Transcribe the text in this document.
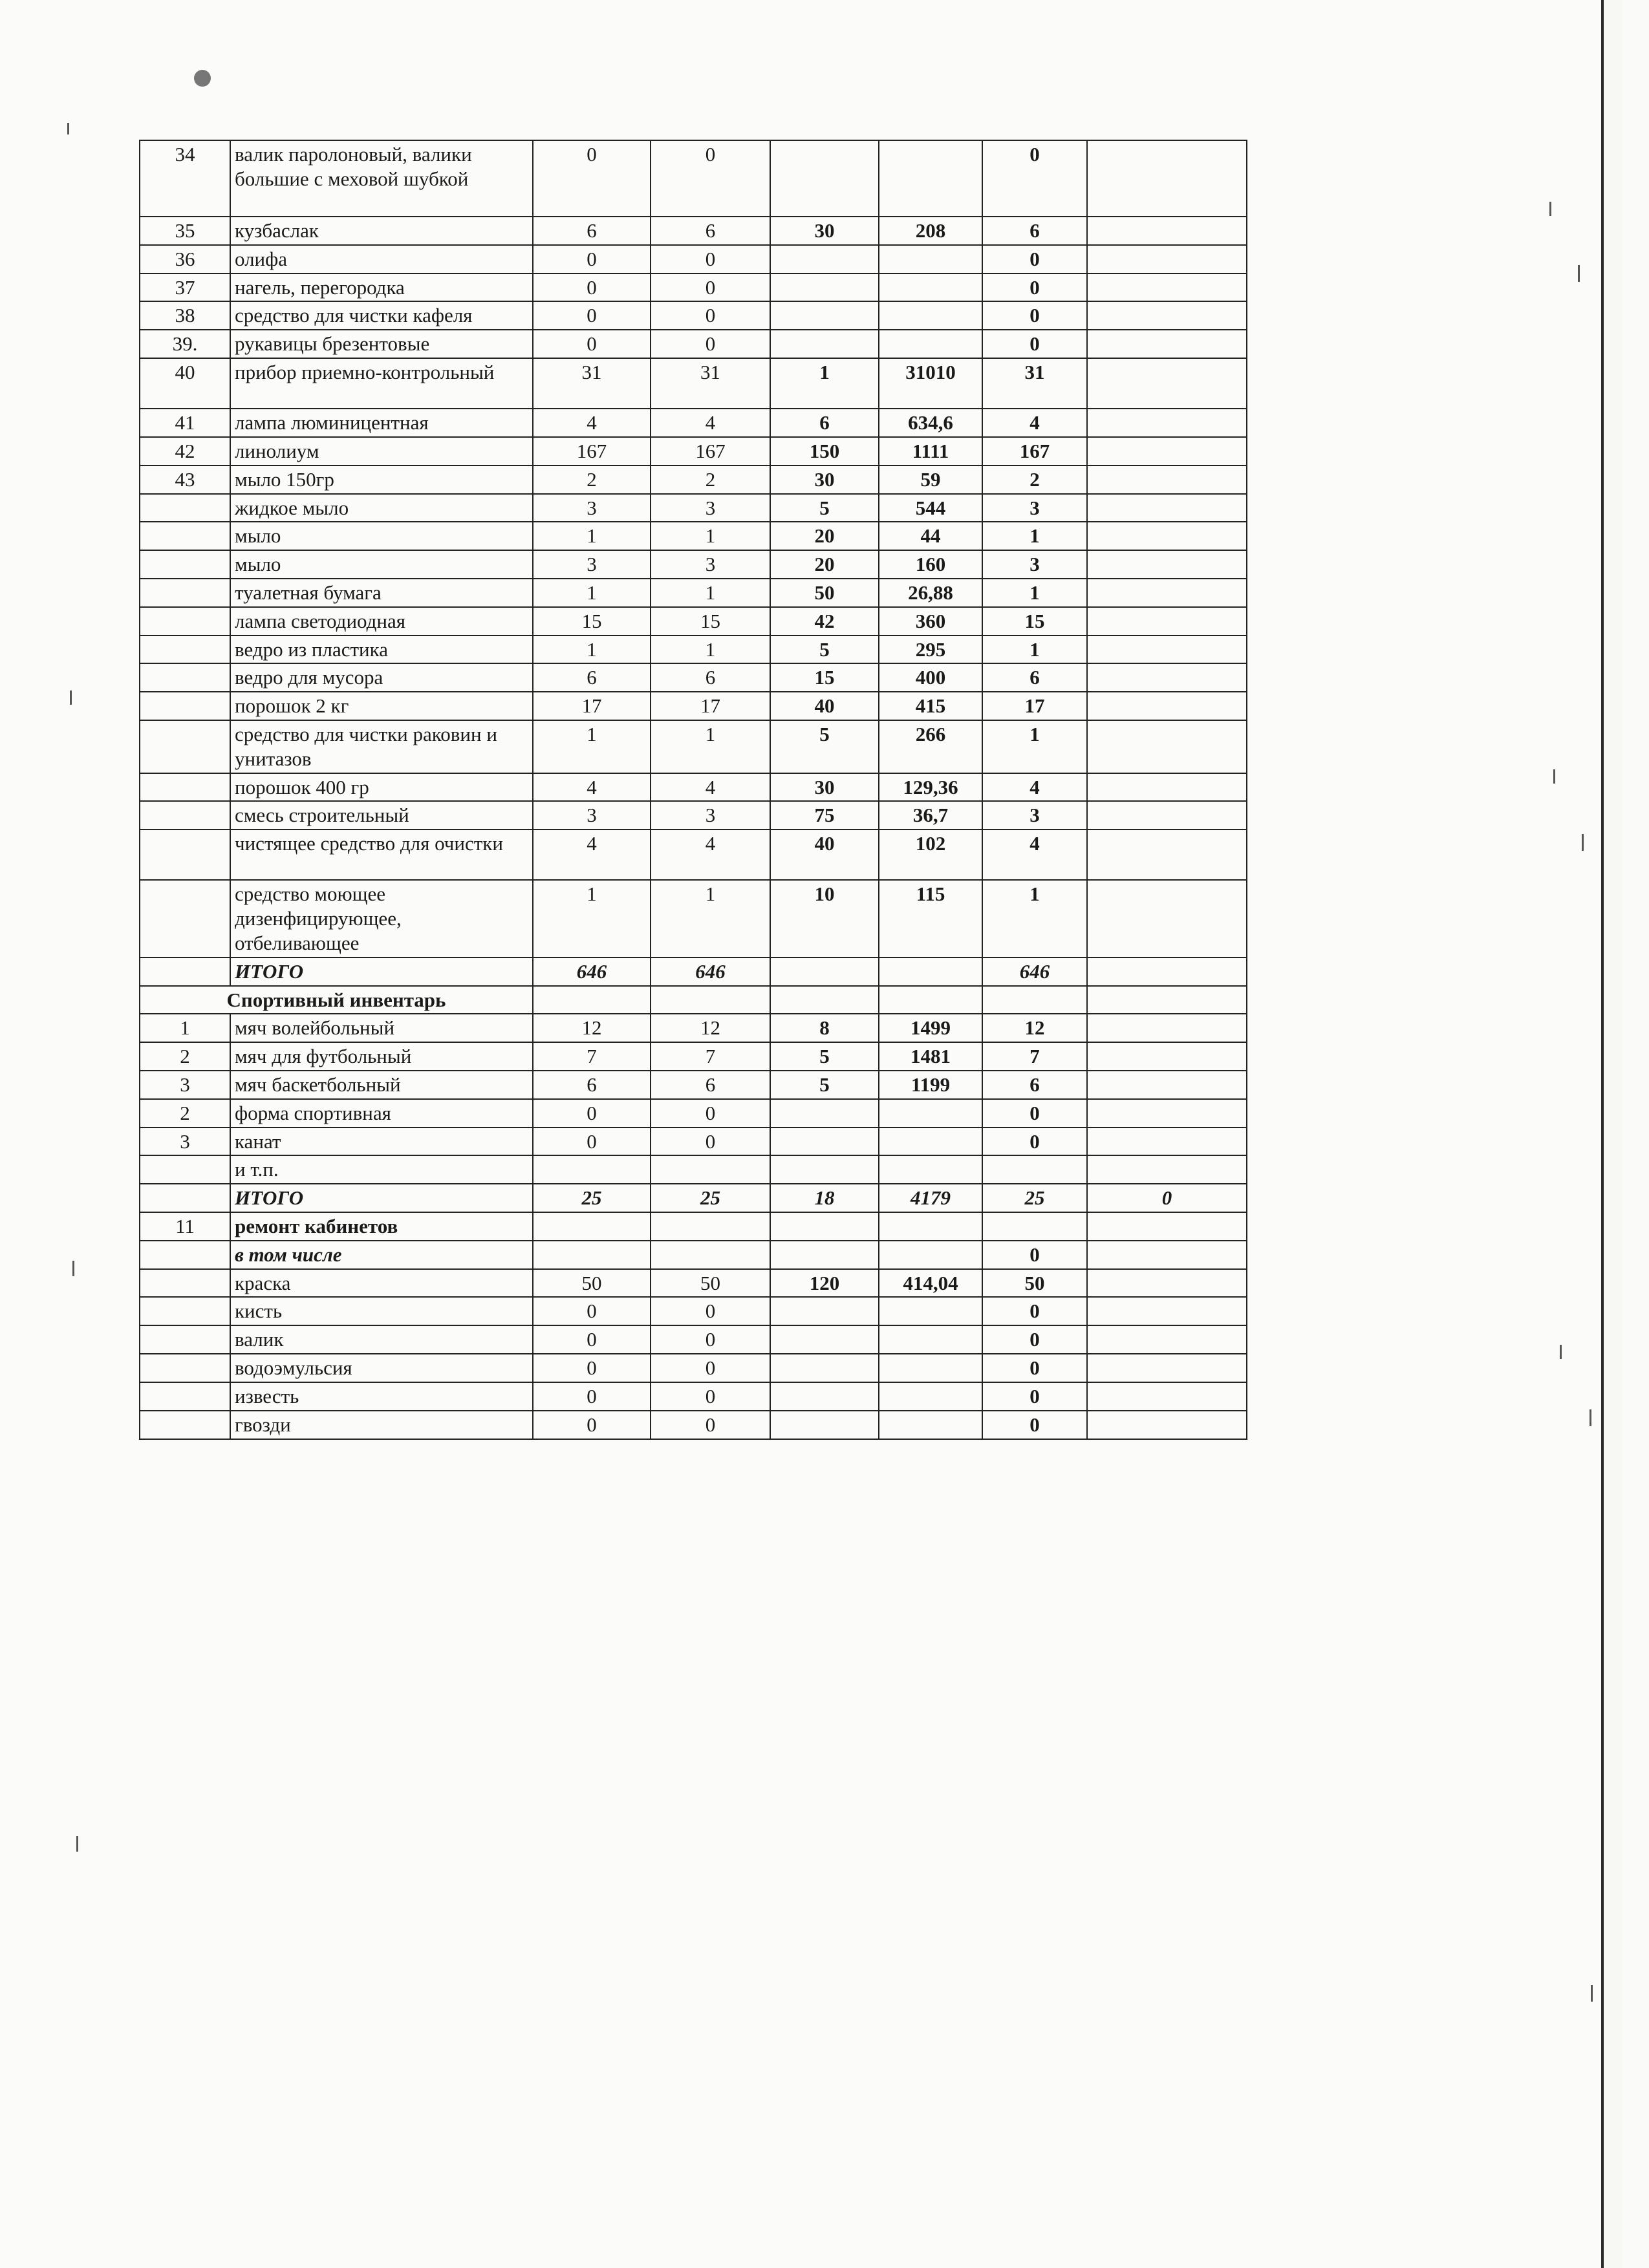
34	валик паролоновый, валики большие с меховой шубкой	0	0			0	
35	кузбаслак	6	6	30	208	6	
36	олифа	0	0			0	
37	нагель, перегородка	0	0			0	
38	средство для чистки кафеля	0	0			0	
39.	рукавицы брезентовые	0	0			0	
40	прибор приемно-контрольный	31	31	1	31010	31	
41	лампа люминицентная	4	4	6	634,6	4	
42	линолиум	167	167	150	1111	167	
43	мыло 150гр	2	2	30	59	2	
	жидкое мыло	3	3	5	544	3	
	мыло	1	1	20	44	1	
	мыло	3	3	20	160	3	
	туалетная бумага	1	1	50	26,88	1	
	лампа светодиодная	15	15	42	360	15	
	ведро из пластика	1	1	5	295	1	
	ведро для мусора	6	6	15	400	6	
	порошок 2 кг	17	17	40	415	17	
	средство для чистки раковин и унитазов	1	1	5	266	1	
	порошок 400 гр	4	4	30	129,36	4	
	смесь строительный	3	3	75	36,7	3	
	чистящее средство для очистки	4	4	40	102	4	
	средство моющее дизенфицирующее, отбеливающее	1	1	10	115	1	
	ИТОГО	646	646			646	
Спортивный инвентарь							
1	мяч волейбольный	12	12	8	1499	12	
2	мяч для футбольный	7	7	5	1481	7	
3	мяч баскетбольный	6	6	5	1199	6	
2	форма спортивная	0	0			0	
3	канат	0	0			0	
	и т.п.						
	ИТОГО	25	25	18	4179	25	0
11	ремонт кабинетов						
	в том числе					0	
	краска	50	50	120	414,04	50	
	кисть	0	0			0	
	валик	0	0			0	
	водоэмульсия	0	0			0	
	известь	0	0			0	
	гвозди	0	0			0	
